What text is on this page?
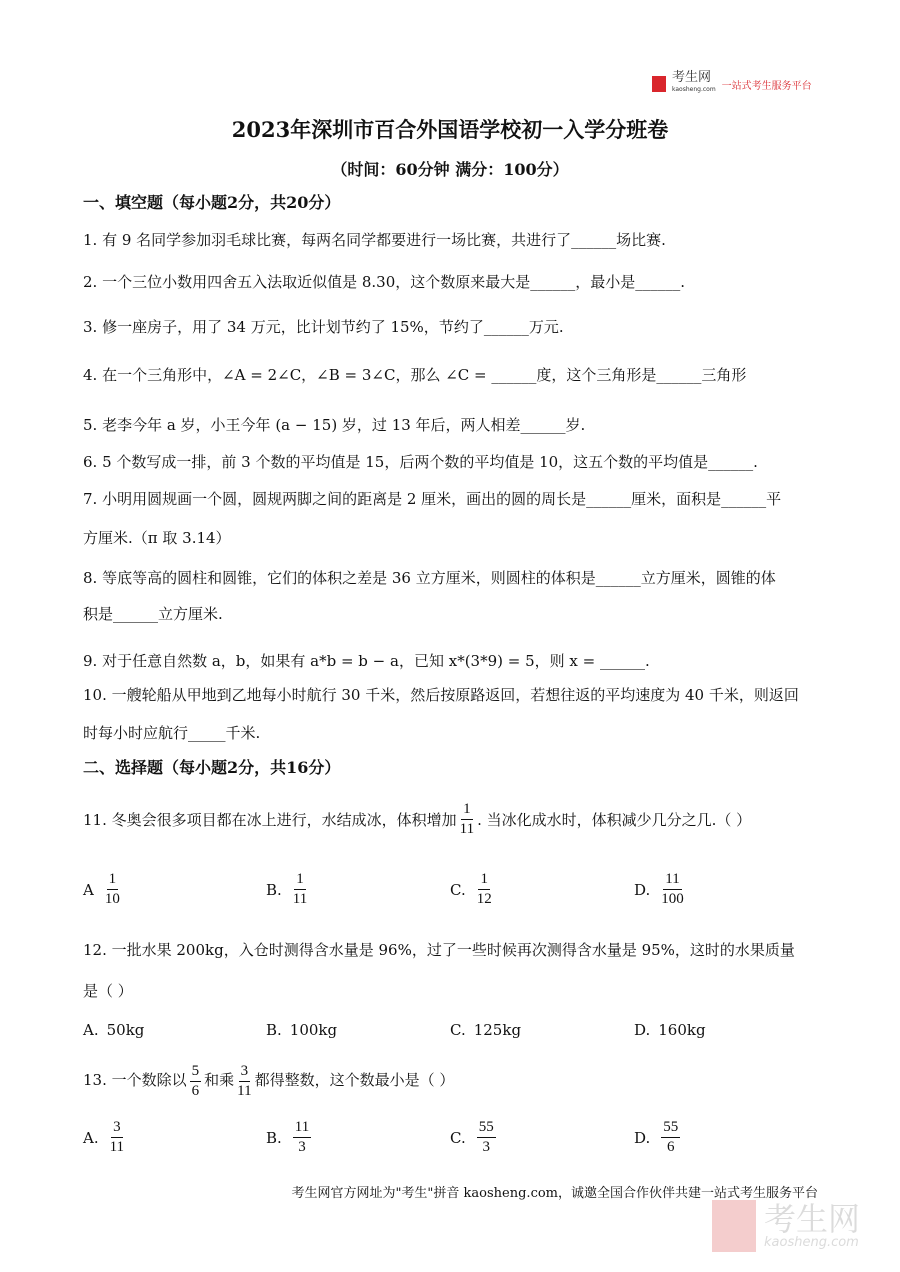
考生网
kaosheng.com 一站式考生服务平台
2023年深圳市百合外国语学校初一入学分班卷
（时间：60分钟 满分：100分）
一、填空题（每小题2分，共20分）
1. 有 9 名同学参加羽毛球比赛，每两名同学都要进行一场比赛，共进行了______场比赛.
2. 一个三位小数用四舍五入法取近似值是 8.30，这个数原来最大是______，最小是______.
3. 修一座房子，用了 34 万元，比计划节约了 15%，节约了______万元.
4. 在一个三角形中，∠A = 2∠C，∠B = 3∠C，那么 ∠C = ______度，这个三角形是______三角形
5. 老李今年 a 岁，小王今年 (a − 15) 岁，过 13 年后，两人相差______岁.
6. 5 个数写成一排，前 3 个数的平均值是 15，后两个数的平均值是 10，这五个数的平均值是______.
7. 小明用圆规画一个圆，圆规两脚之间的距离是 2 厘米，画出的圆的周长是______厘米，面积是______平
方厘米.（π 取 3.14）
8. 等底等高的圆柱和圆锥，它们的体积之差是 36 立方厘米，则圆柱的体积是______立方厘米，圆锥的体
积是______立方厘米.
9. 对于任意自然数 a，b，如果有 a*b = b − a，已知 x*(3*9) = 5，则 x = ______.
10. 一艘轮船从甲地到乙地每小时航行 30 千米，然后按原路返回，若想往返的平均速度为 40 千米，则返回
时每小时应航行_____千米.
二、选择题（每小题2分，共16分）
11. 冬奥会很多项目都在冰上进行，水结成冰，体积增加 $\frac{1}{11}$ . 当冰化成水时，体积减少几分之几.（ ）
A $\frac{1}{10}$	B. $\frac{1}{11}$	C. $\frac{1}{12}$	D. $\frac{11}{100}$
12. 一批水果 200kg，入仓时测得含水量是 96%，过了一些时候再次测得含水量是 95%，这时的水果质量
是（ ）
A. 50kg	B. 100kg	C. 125kg	D. 160kg
13. 一个数除以 $\frac{5}{6}$ 和乘 $\frac{3}{11}$ 都得整数，这个数最小是（ ）
A. $\frac{3}{11}$	B. $\frac{11}{3}$	C. $\frac{55}{3}$	D. $\frac{55}{6}$
考生网官方网址为"考生"拼音 kaosheng.com，诚邀全国合作伙伴共建一站式考生服务平台
考生网
kaosheng.com
